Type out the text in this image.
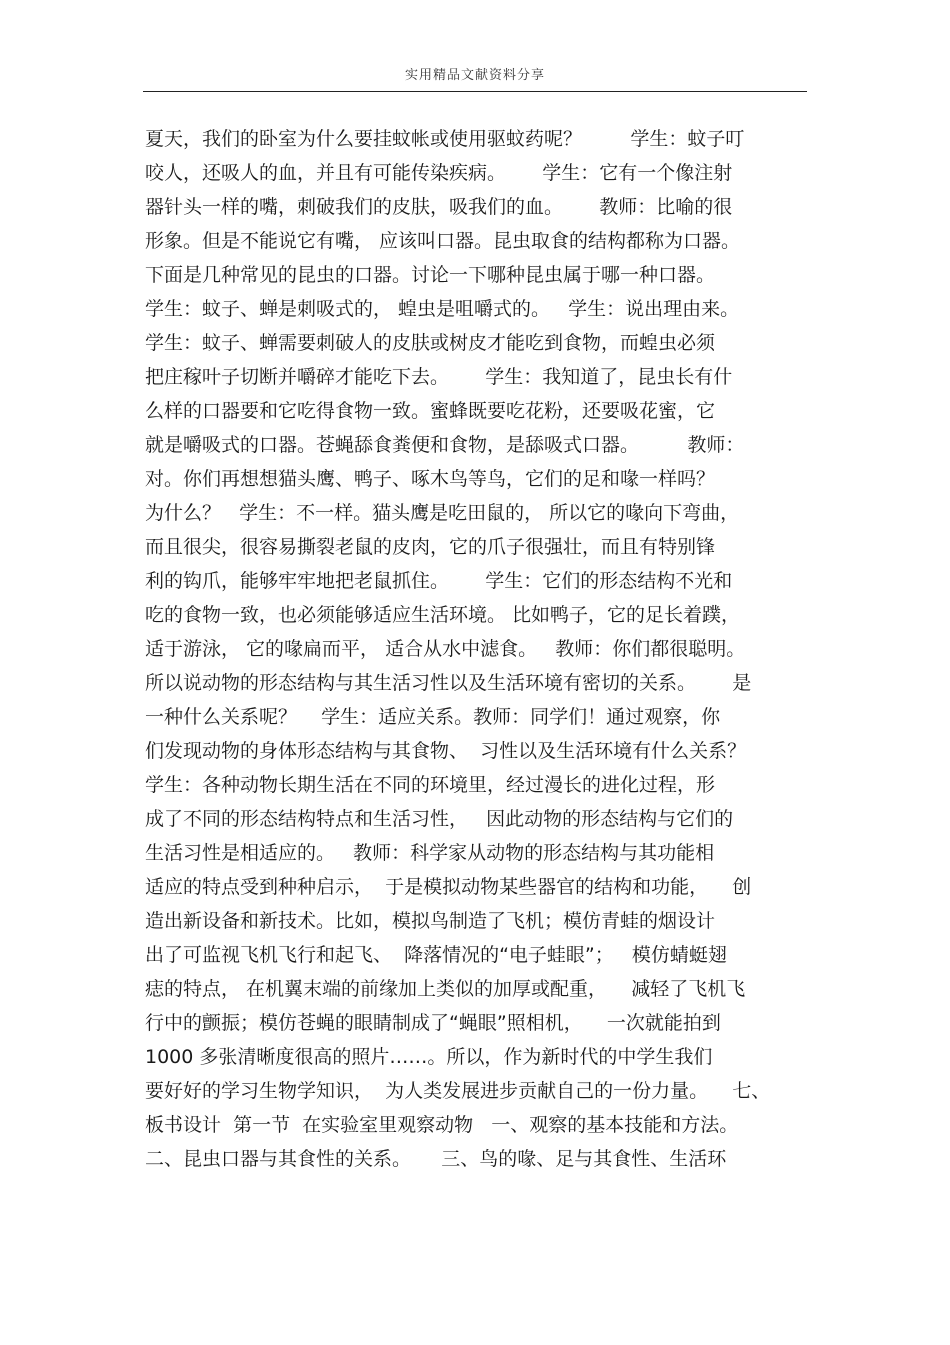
实用精品文献资料分享
夏天，我们的卧室为什么要挂蚊帐或使用驱蚊药呢？        学生：蚊子叮
咬人，还吸人的血，并且有可能传染疾病。      学生：它有一个像注射
器针头一样的嘴，刺破我们的皮肤，吸我们的血。      教师：比喻的很
形象。但是不能说它有嘴， 应该叫口器。昆虫取食的结构都称为口器。
下面是几种常见的昆虫的口器。讨论一下哪种昆虫属于哪一种口器。
学生：蚊子、蝉是刺吸式的， 蝗虫是咀嚼式的。   学生：说出理由来。
学生：蚊子、蝉需要刺破人的皮肤或树皮才能吃到食物，而蝗虫必须
把庄稼叶子切断并嚼碎才能吃下去。      学生：我知道了，昆虫长有什
么样的口器要和它吃得食物一致。蜜蜂既要吃花粉，还要吸花蜜，它
就是嚼吸式的口器。苍蝇舔食粪便和食物，是舔吸式口器。        教师：
对。你们再想想猫头鹰、鸭子、啄木鸟等鸟，它们的足和喙一样吗？
为什么？   学生：不一样。猫头鹰是吃田鼠的， 所以它的喙向下弯曲，
而且很尖，很容易撕裂老鼠的皮肉，它的爪子很强壮，而且有特别锋
利的钩爪，能够牢牢地把老鼠抓住。      学生：它们的形态结构不光和
吃的食物一致，也必须能够适应生活环境。 比如鸭子，它的足长着蹼，
适于游泳， 它的喙扁而平， 适合从水中滤食。   教师：你们都很聪明。
所以说动物的形态结构与其生活习性以及生活环境有密切的关系。      是
一种什么关系呢？    学生：适应关系。教师：同学们！通过观察，你
们发现动物的身体形态结构与其食物、  习性以及生活环境有什么关系？
学生：各种动物长期生活在不同的环境里，经过漫长的进化过程，形
成了不同的形态结构特点和生活习性，   因此动物的形态结构与它们的
生活习性是相适应的。   教师：科学家从动物的形态结构与其功能相
适应的特点受到种种启示，  于是模拟动物某些器官的结构和功能，    创
造出新设备和新技术。比如，模拟鸟制造了飞机；模仿青蛙的烟设计
出了可监视飞机飞行和起飞、  降落情况的“电子蛙眼”；   模仿蜻蜓翅
痣的特点， 在机翼末端的前缘加上类似的加厚或配重，    减轻了飞机飞
行中的颤振；模仿苍蝇的眼睛制成了“蝇眼”照相机，    一次就能拍到
1000 多张清晰度很高的照片……。所以，作为新时代的中学生我们
要好好的学习生物学知识，  为人类发展进步贡献自己的一份力量。    七、
板书设计  第一节  在实验室里观察动物   一、观察的基本技能和方法。
二、昆虫口器与其食性的关系。     三、鸟的喙、足与其食性、生活环
